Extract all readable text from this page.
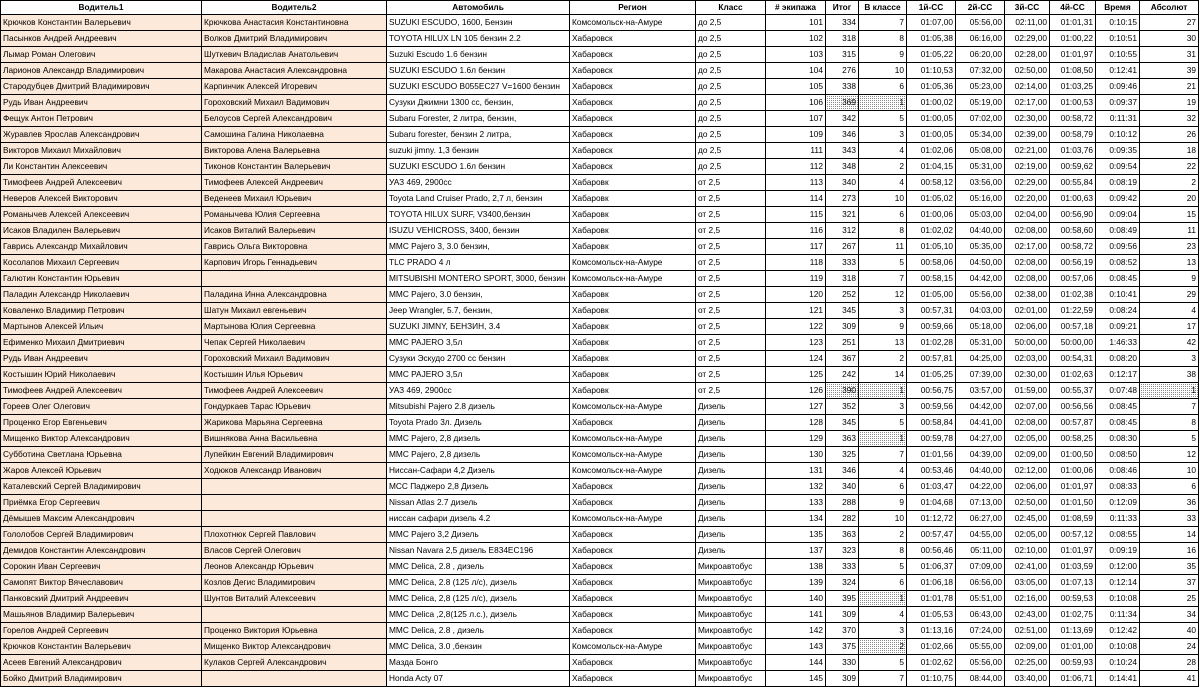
Водитель1	Водитель2	Автомобиль	Регион	Класс	# экипажа	Итог	В классе	1й-СС	2й-СС	3й-СС	4й-СС	Время	Абсолют
Крючков Константин Валерьевич	Крючкова Анастасия Константиновна	SUZUKI ESCUDO, 1600, Бензин	Комсомольск-на-Амуре	до 2,5	101	334	7	01:07,00	05:56,00	02:11,00	01:01,31	0:10:15	27
Пасынков Андрей Андреевич	Волков Дмитрий Владимирович	TOYOTA HILUX LN 105 бензин 2.2	Хабаровск	до 2,5	102	318	8	01:05,38	06:16,00	02:29,00	01:00,22	0:10:51	30
Лымар Роман Олегович	Шуткевич Владислав Анатольевич	Suzuki Escudo 1.6 бензин	Хабаровск	до 2,5	103	315	9	01:05,22	06:20,00	02:28,00	01:01,97	0:10:55	31
Ларионов Александр Владимирович	Макарова Анастасия Александровна	SUZUKI ESCUDO 1.6л бензин	Хабаровск	до 2,5	104	276	10	01:10,53	07:32,00	02:50,00	01:08,50	0:12:41	39
Стародубцев Дмитрий Владимирович	Карпинчик Алексей Игоревич	SUZUKI ESCUDO B055EC27 V=1600 бензин	Хабаровск	до 2,5	105	338	6	01:05,36	05:23,00	02:14,00	01:03,25	0:09:46	21
Рудь Иван Андреевич	Гороховский Михаил Вадимович	Сузуки Джимни 1300 сс, бензин,	Хабаровск	до 2,5	106	369	1	01:00,02	05:19,00	02:17,00	01:00,53	0:09:37	19
Фещук Антон Петрович	Белоусов Сергей Александрович	Subaru Forester, 2 литра, бензин,	Хабаровск	до 2,5	107	342	5	01:00,05	07:02,00	02:30,00	00:58,72	0:11:31	32
Журавлев Ярослав Александрович	Самошина Галина Николаевна	Subaru forester, бензин 2 литра,	Хабаровск	до 2,5	109	346	3	01:00,05	05:34,00	02:39,00	00:58,79	0:10:12	26
Викторов Михаил Михайлович	Викторова Алена Валерьевна	suzuki jimny. 1,3 бензин	Хабаровск	до 2,5	111	343	4	01:02,06	05:08,00	02:21,00	01:03,76	0:09:35	18
Ли Константин Алексеевич	Тиконов Константин Валерьевич	SUZUKI ESCUDO 1.6л бензин	Хабаровск	до 2,5	112	348	2	01:04,15	05:31,00	02:19,00	00:59,62	0:09:54	22
Тимофеев Андрей Алексеевич	Тимофеев Алексей Андреевич	УАЗ 469, 2900сс	Хабаровк	от 2,5	113	340	4	00:58,12	03:56,00	02:29,00	00:55,84	0:08:19	2
Неверов Алексей Викторович	Веденеев Михаил Юрьевич	Toyota Land Cruiser Prado, 2,7 л, бензин	Хабаровк	от 2,5	114	273	10	01:05,02	05:16,00	02:20,00	01:00,63	0:09:42	20
Романычев Алексей Алексеевич	Романычева Юлия Сергеевна	TOYOTA HILUX SURF, V3400,бензин	Хабаровк	от 2,5	115	321	6	01:00,06	05:03,00	02:04,00	00:56,90	0:09:04	15
Исаков Владилен Валерьевич	Исаков Виталий Валерьевич	ISUZU VEHICROSS, 3400, бензин	Хабаровк	от 2,5	116	312	8	01:02,02	04:40,00	02:08,00	00:58,60	0:08:49	11
Гаврись Александр Михайлович	Гаврись Ольга Викторовна	ММС Pajero 3, 3.0 бензин,	Хабаровк	от 2,5	117	267	11	01:05,10	05:35,00	02:17,00	00:58,72	0:09:56	23
Косолапов Михаил Сергеевич	Карпович Игорь Геннадьевич	TLC PRADO 4 л	Комсомольск-на-Амуре	от 2,5	118	333	5	00:58,06	04:50,00	02:08,00	00:56,19	0:08:52	13
Галютин Константин Юрьевич		MITSUBISHI MONTERO SPORT, 3000, бензин	Комсомольск-на-Амуре	от 2,5	119	318	7	00:58,15	04:42,00	02:08,00	00:57,06	0:08:45	9
Паладин Александр Николаевич	Паладина Инна Александровна	ММС Pajero, 3.0 бензин,	Хабаровк	от 2,5	120	252	12	01:05,00	05:56,00	02:38,00	01:02,38	0:10:41	29
Коваленко Владимир Петрович	Шатун Михаил евгеньевич	Jeep Wrangler, 5.7, бензин,	Хабаровк	от 2,5	121	345	3	00:57,31	04:03,00	02:01,00	01:22,59	0:08:24	4
Мартынов Алексей Ильич	Мартынова Юлия Сергеевна	SUZUKI JIMNY, БЕНЗИН, 3.4	Хабаровк	от 2,5	122	309	9	00:59,66	05:18,00	02:06,00	00:57,18	0:09:21	17
Ефименко Михаил Дмитриевич	Чепак Сергей Николаевич	ММС PAJERO 3,5л	Хабаровк	от 2,5	123	251	13	01:02,28	05:31,00	50:00,00	50:00,00	1:46:33	42
Рудь Иван Андреевич	Гороховский Михаил Вадимович	Сузуки Эскудо 2700 сс бензин	Хабаровк	от 2,5	124	367	2	00:57,81	04:25,00	02:03,00	00:54,31	0:08:20	3
Костышин Юрий Николаевич	Костышин Илья Юрьевич	ММС PAJERO 3,5л	Хабаровк	от 2,5	125	242	14	01:05,25	07:39,00	02:30,00	01:02,63	0:12:17	38
Тимофеев Андрей Алексеевич	Тимофеев Андрей Алексеевич	УАЗ 469, 2900сс	Хабаровк	от 2,5	126	390	1	00:56,75	03:57,00	01:59,00	00:55,37	0:07:48	1
Гореев Олег Олегович	Гондуркаев Тарас Юрьевич	Mitsubishi Pajero 2.8 дизель	Комсомольск-на-Амуре	Дизель	127	352	3	00:59,56	04:42,00	02:07,00	00:56,56	0:08:45	7
Проценко Егор Евгеньевич	Жарикова Марьяна Сергеевна	Toyota Prado 3л. Дизель	Хабаровск	Дизель	128	345	5	00:58,84	04:41,00	02:08,00	00:57,87	0:08:45	8
Мищенко Виктор Александрович	Вишнякова Анна Васильевна	ММС Pajero, 2,8 дизель	Комсомольск-на-Амуре	Дизель	129	363	1	00:59,78	04:27,00	02:05,00	00:58,25	0:08:30	5
Субботина Светлана Юрьевна	Лупейкин Евгений Владимирович	ММС Pajero, 2,8 дизель	Комсомольск-на-Амуре	Дизель	130	325	7	01:01,56	04:39,00	02:09,00	01:00,50	0:08:50	12
Жаров Алексей Юрьевич	Ходюков Александр Иванович	Ниссан-Сафари 4,2 Дизель	Комсомольск-на-Амуре	Дизель	131	346	4	00:53,46	04:40,00	02:12,00	01:00,06	0:08:46	10
Каталевский Сергей Владимирович		МСС Паджеро 2,8 Дизель	Хабаровск	Дизель	132	340	6	01:03,47	04:22,00	02:06,00	01:01,97	0:08:33	6
Приёмка Егор Сергеевич		Nissan Atlas 2.7 дизель	Хабаровск	Дизель	133	288	9	01:04,68	07:13,00	02:50,00	01:01,50	0:12:09	36
Дёмышев Максим Александрович		ниссан сафари дизель 4.2	Комсомольск-на-Амуре	Дизель	134	282	10	01:12,72	06:27,00	02:45,00	01:08,59	0:11:33	33
Гололобов Сергей Владимирович	Плохотнюк Сергей Павлович	ММС Pajero 3,2 Дизель	Хабаровск	Дизель	135	363	2	00:57,47	04:55,00	02:05,00	00:57,12	0:08:55	14
Демидов Константин Александрович	Власов Сергей Олегович	Nissan Navara 2,5 дизель Е834ЕС196	Хабаровск	Дизель	137	323	8	00:56,46	05:11,00	02:10,00	01:01,97	0:09:19	16
Сорокин Иван Сергеевич	Леонов Александр Юрьевич	ММС Delica, 2.8 , дизель	Хабаровск	Микроавтобус	138	333	5	01:06,37	07:09,00	02:41,00	01:03,59	0:12:00	35
Самопят Виктор Вячеславович	Козлов Дегис Владимирович	ММС Delica, 2.8 (125 л/с), дизель	Хабаровск	Микроавтобус	139	324	6	01:06,18	06:56,00	03:05,00	01:07,13	0:12:14	37
Панковский Дмитрий Андреевич	Шунтов Виталий Алексеевич	ММС Delica, 2,8 (125 л/с), дизель	Хабаровск	Микроавтобус	140	395	1	01:01,78	05:51,00	02:16,00	00:59,53	0:10:08	25
Машьянов Владимир Валерьевич		ММС Delica ,2,8(125 л.с.), дизель	Хабаровск	Микроавтобус	141	309	4	01:05,53	06:43,00	02:43,00	01:02,75	0:11:34	34
Горелов Андрей Сергеевич	Проценко Виктория Юрьевна	ММС Delica, 2.8 , дизель	Хабаровск	Микроавтобус	142	370	3	01:13,16	07:24,00	02:51,00	01:13,69	0:12:42	40
Крючков Константин Валерьевич	Мищенко Виктор Александрович	ММС Delica, 3.0 ,бензин	Комсомольск-на-Амуре	Микроавтобус	143	375	2	01:02,66	05:55,00	02:09,00	01:01,00	0:10:08	24
Асеев Евгений Александрович	Кулаков Сергей Александрович	Мазда Бонго	Хабаровск	Микроавтобус	144	330	5	01:02,62	05:56,00	02:25,00	00:59,93	0:10:24	28
Бойко Дмитрий Владимирович		Honda Acty 07	Хабаровск	Микроавтобус	145	309	7	01:10,75	08:44,00	03:40,00	01:06,71	0:14:41	41
